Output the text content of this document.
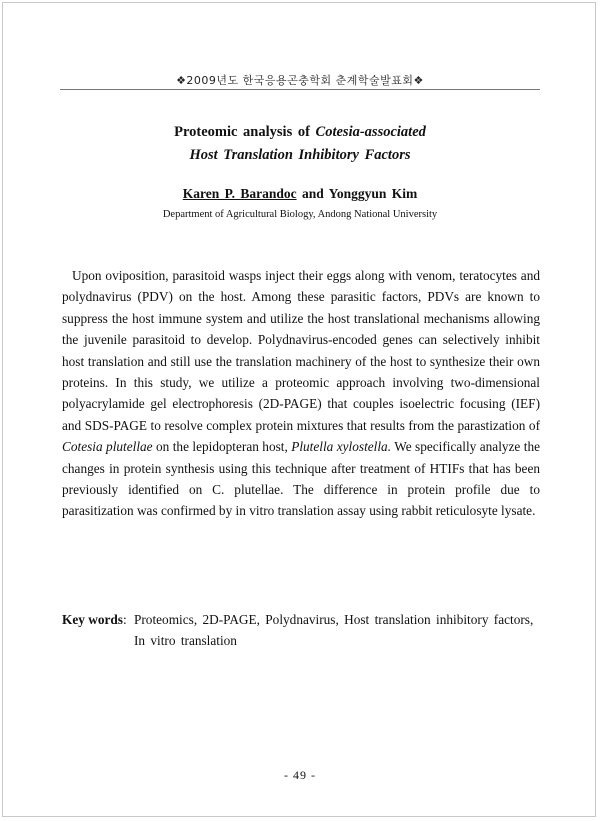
❖2009년도 한국응용곤충학회 춘계학술발표회❖
Proteomic analysis of Cotesia-associated
Host Translation Inhibitory Factors
Karen P. Barandoc and Yonggyun Kim
Department of Agricultural Biology, Andong National University

Upon oviposition, parasitoid wasps inject their eggs along with venom, teratocytes and polydnavirus (PDV) on the host. Among these parasitic factors, PDVs are known to suppress the host immune system and utilize the host translational mechanisms allowing the juvenile parasitoid to develop. Polydnavirus-encoded genes can selectively inhibit host translation and still use the translation machinery of the host to synthesize their own proteins. In this study, we utilize a proteomic approach involving two-dimensional polyacrylamide gel electrophoresis (2D-PAGE) that couples isoelectric focusing (IEF) and SDS-PAGE to resolve complex protein mixtures that results from the parastization of Cotesia plutellae on the lepidopteran host, Plutella xylostella. We specifically analyze the changes in protein synthesis using this technique after treatment of HTIFs that has been previously identified on C. plutellae. The difference in protein profile due to parasitization was confirmed by in vitro translation assay using rabbit reticulosyte lysate.

Key words: Proteomics, 2D-PAGE, Polydnavirus, Host translation inhibitory factors, In vitro translation
- 49 -
